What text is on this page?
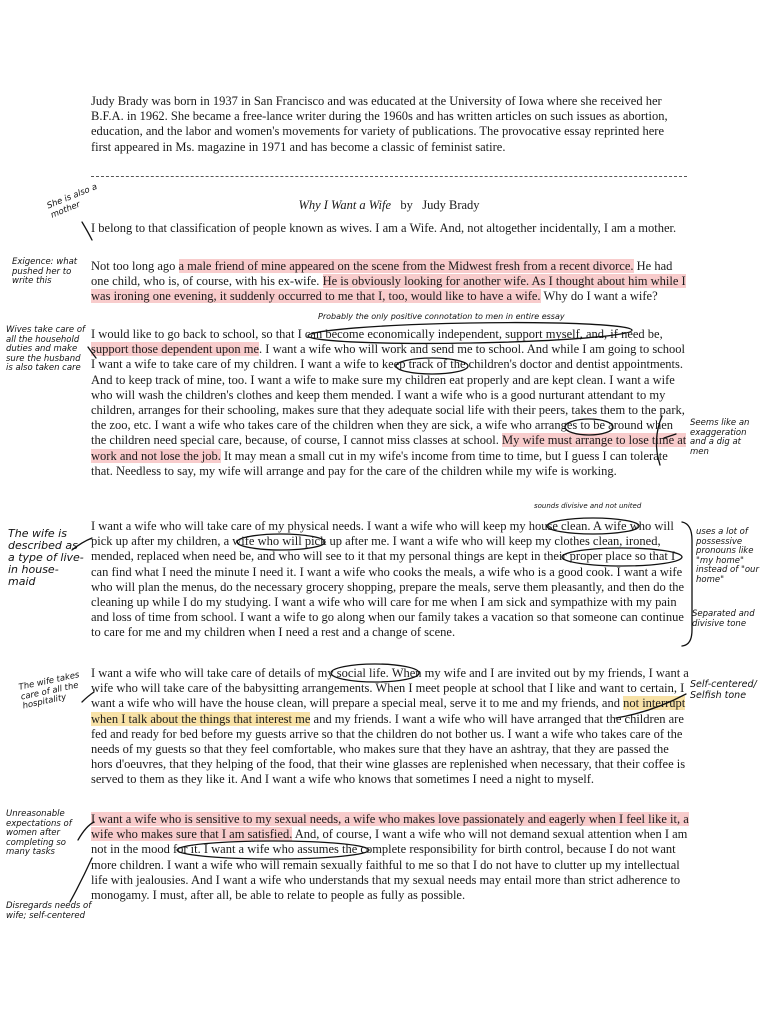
Judy Brady was born in 1937 in San Francisco and was educated at the University of Iowa where she received her B.F.A. in 1962. She became a free-lance writer during the 1960s and has written articles on such issues as abortion, education, and the labor and women's movements for variety of publications. The provocative essay reprinted here first appeared in Ms. magazine in 1971 and has become a classic of feminist satire.

Why I Want a Wife by Judy Brady

I belong to that classification of people known as wives. I am a Wife. And, not altogether incidentally, I am a mother.

Not too long ago a male friend of mine appeared on the scene from the Midwest fresh from a recent divorce. He had one child, who is, of course, with his ex-wife. He is obviously looking for another wife. As I thought about him while I was ironing one evening, it suddenly occurred to me that I, too, would like to have a wife. Why do I want a wife?

I would like to go back to school, so that I can become economically independent, support myself, and, if need be, support those dependent upon me. I want a wife who will work and send me to school. And while I am going to school I want a wife to take care of my children. I want a wife to keep track of the children's doctor and dentist appointments. And to keep track of mine, too. I want a wife to make sure my children eat properly and are kept clean. I want a wife who will wash the children's clothes and keep them mended. I want a wife who is a good nurturant attendant to my children, arranges for their schooling, makes sure that they adequate social life with their peers, takes them to the park, the zoo, etc. I want a wife who takes care of the children when they are sick, a wife who arranges to be around when the children need special care, because, of course, I cannot miss classes at school. My wife must arrange to lose time at work and not lose the job. It may mean a small cut in my wife's income from time to time, but I guess I can tolerate that. Needless to say, my wife will arrange and pay for the care of the children while my wife is working.

I want a wife who will take care of my physical needs. I want a wife who will keep my house clean. A wife who will pick up after my children, a wife who will pick up after me. I want a wife who will keep my clothes clean, ironed, mended, replaced when need be, and who will see to it that my personal things are kept in their proper place so that I can find what I need the minute I need it. I want a wife who cooks the meals, a wife who is a good cook. I want a wife who will plan the menus, do the necessary grocery shopping, prepare the meals, serve them pleasantly, and then do the cleaning up while I do my studying. I want a wife who will care for me when I am sick and sympathize with my pain and loss of time from school. I want a wife to go along when our family takes a vacation so that someone can continue to care for me and my children when I need a rest and a change of scene.

I want a wife who will take care of details of my social life. When my wife and I are invited out by my friends, I want a wife who will take care of the babysitting arrangements. When I meet people at school that I like and want to certain, I want a wife who will have the house clean, will prepare a special meal, serve it to me and my friends, and not interrupt when I talk about the things that interest me and my friends. I want a wife who will have arranged that the children are fed and ready for bed before my guests arrive so that the children do not bother us. I want a wife who takes care of the needs of my guests so that they feel comfortable, who makes sure that they have an ashtray, that they are passed the hors d'oeuvres, that they helping of the food, that their wine glasses are replenished when necessary, that their coffee is served to them as they like it. And I want a wife who knows that sometimes I need a night to myself.

I want a wife who is sensitive to my sexual needs, a wife who makes love passionately and eagerly when I feel like it, a wife who makes sure that I am satisfied. And, of course, I want a wife who will not demand sexual attention when I am not in the mood for it. I want a wife who assumes the complete responsibility for birth control, because I do not want more children. I want a wife who will remain sexually faithful to me so that I do not have to clutter up my intellectual life with jealousies. And I want a wife who understands that my sexual needs may entail more than strict adherence to monogamy. I must, after all, be able to relate to people as fully as possible.

She is also a mother
Exigence: what pushed her to write this
Wives take care of all the household duties and make sure the husband is also taken care
Probably the only positive connotation to men in entire essay
Seems like an exaggeration and a dig at men
sounds divisive and not united
The wife is described as a type of live-in house-maid
uses a lot of possessive pronouns like "my home" instead of "our home"
Separated and divisive tone
The wife takes care of all the hospitality
Self-centered/ Selfish tone
Unreasonable expectations of women after completing so many tasks
Disregards needs of wife; self-centered
